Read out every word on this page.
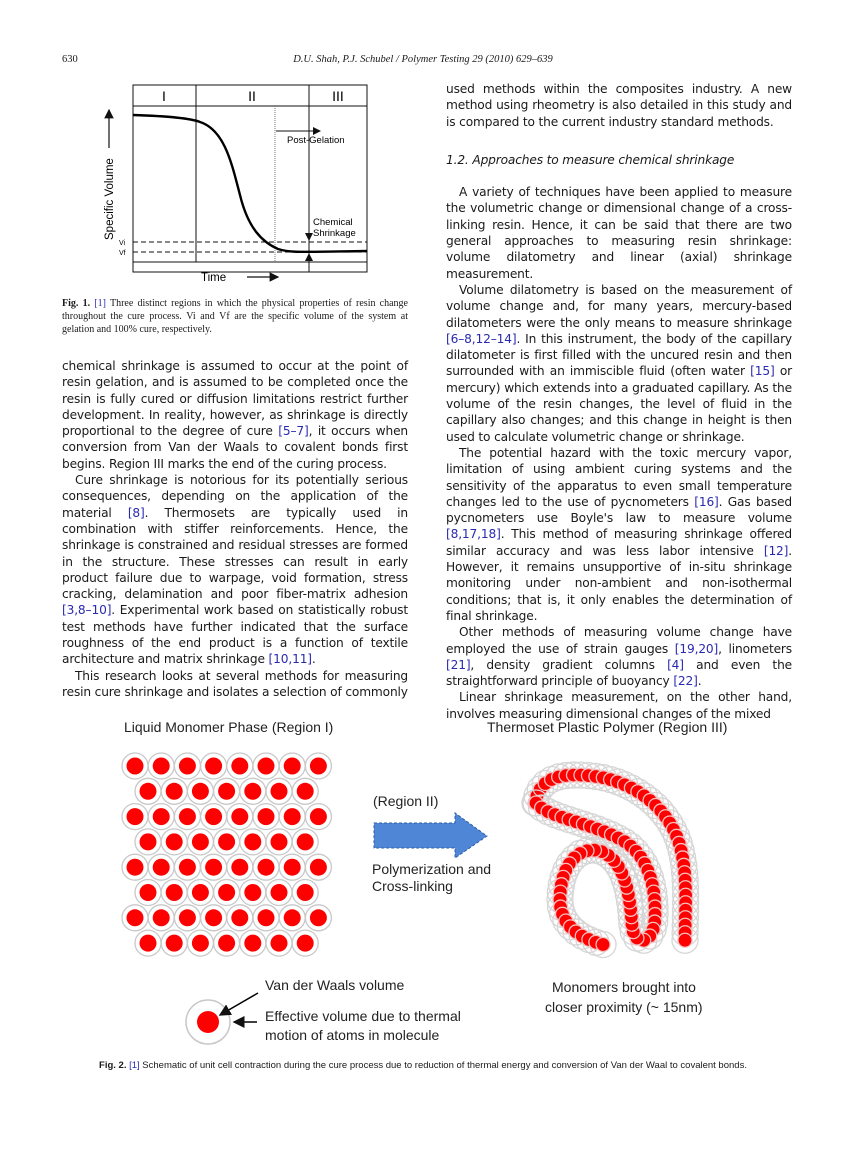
630	D.U. Shah, P.J. Schubel / Polymer Testing 29 (2010) 629–639
I	II	III
Post-Gelation
Chemical
Shrinkage
Vi
Vf
Specific Volume
Time
Fig. 1. [1] Three distinct regions in which the physical properties of resin change throughout the cure process. Vi and Vf are the specific volume of the system at gelation and 100% cure, respectively.

chemical shrinkage is assumed to occur at the point of resin gelation, and is assumed to be completed once the resin is fully cured or diffusion limitations restrict further development. In reality, however, as shrinkage is directly proportional to the degree of cure [5–7], it occurs when conversion from Van der Waals to covalent bonds first begins. Region III marks the end of the curing process.

Cure shrinkage is notorious for its potentially serious consequences, depending on the application of the material [8]. Thermosets are typically used in combination with stiffer reinforcements. Hence, the shrinkage is constrained and residual stresses are formed in the structure. These stresses can result in early product failure due to warpage, void formation, stress cracking, delamination and poor fiber-matrix adhesion [3,8–10]. Experimental work based on statistically robust test methods have further indicated that the surface roughness of the end product is a function of textile architecture and matrix shrinkage [10,11].

This research looks at several methods for measuring resin cure shrinkage and isolates a selection of commonly

used methods within the composites industry. A new method using rheometry is also detailed in this study and is compared to the current industry standard methods.

1.2. Approaches to measure chemical shrinkage

A variety of techniques have been applied to measure the volumetric change or dimensional change of a cross-linking resin. Hence, it can be said that there are two general approaches to measuring resin shrinkage: volume dilatometry and linear (axial) shrinkage measurement.

Volume dilatometry is based on the measurement of volume change and, for many years, mercury-based dilatometers were the only means to measure shrinkage [6–8,12–14]. In this instrument, the body of the capillary dilatometer is first filled with the uncured resin and then surrounded with an immiscible fluid (often water [15] or mercury) which extends into a graduated capillary. As the volume of the resin changes, the level of fluid in the capillary also changes; and this change in height is then used to calculate volumetric change or shrinkage.

The potential hazard with the toxic mercury vapor, limitation of using ambient curing systems and the sensitivity of the apparatus to even small temperature changes led to the use of pycnometers [16]. Gas based pycnometers use Boyle's law to measure volume [8,17,18]. This method of measuring shrinkage offered similar accuracy and was less labor intensive [12]. However, it remains unsupportive of in-situ shrinkage monitoring under non-ambient and non-isothermal conditions; that is, it only enables the determination of final shrinkage.

Other methods of measuring volume change have employed the use of strain gauges [19,20], linometers [21], density gradient columns [4] and even the straightforward principle of buoyancy [22].

Linear shrinkage measurement, on the other hand, involves measuring dimensional changes of the mixed

Liquid Monomer Phase (Region I)	Thermoset Plastic Polymer (Region III)
(Region II)
Polymerization and
Cross-linking
Van der Waals volume
Effective volume due to thermal
motion of atoms in molecule
Monomers brought into
closer proximity (~ 15nm)
Fig. 2. [1] Schematic of unit cell contraction during the cure process due to reduction of thermal energy and conversion of Van der Waal to covalent bonds.
